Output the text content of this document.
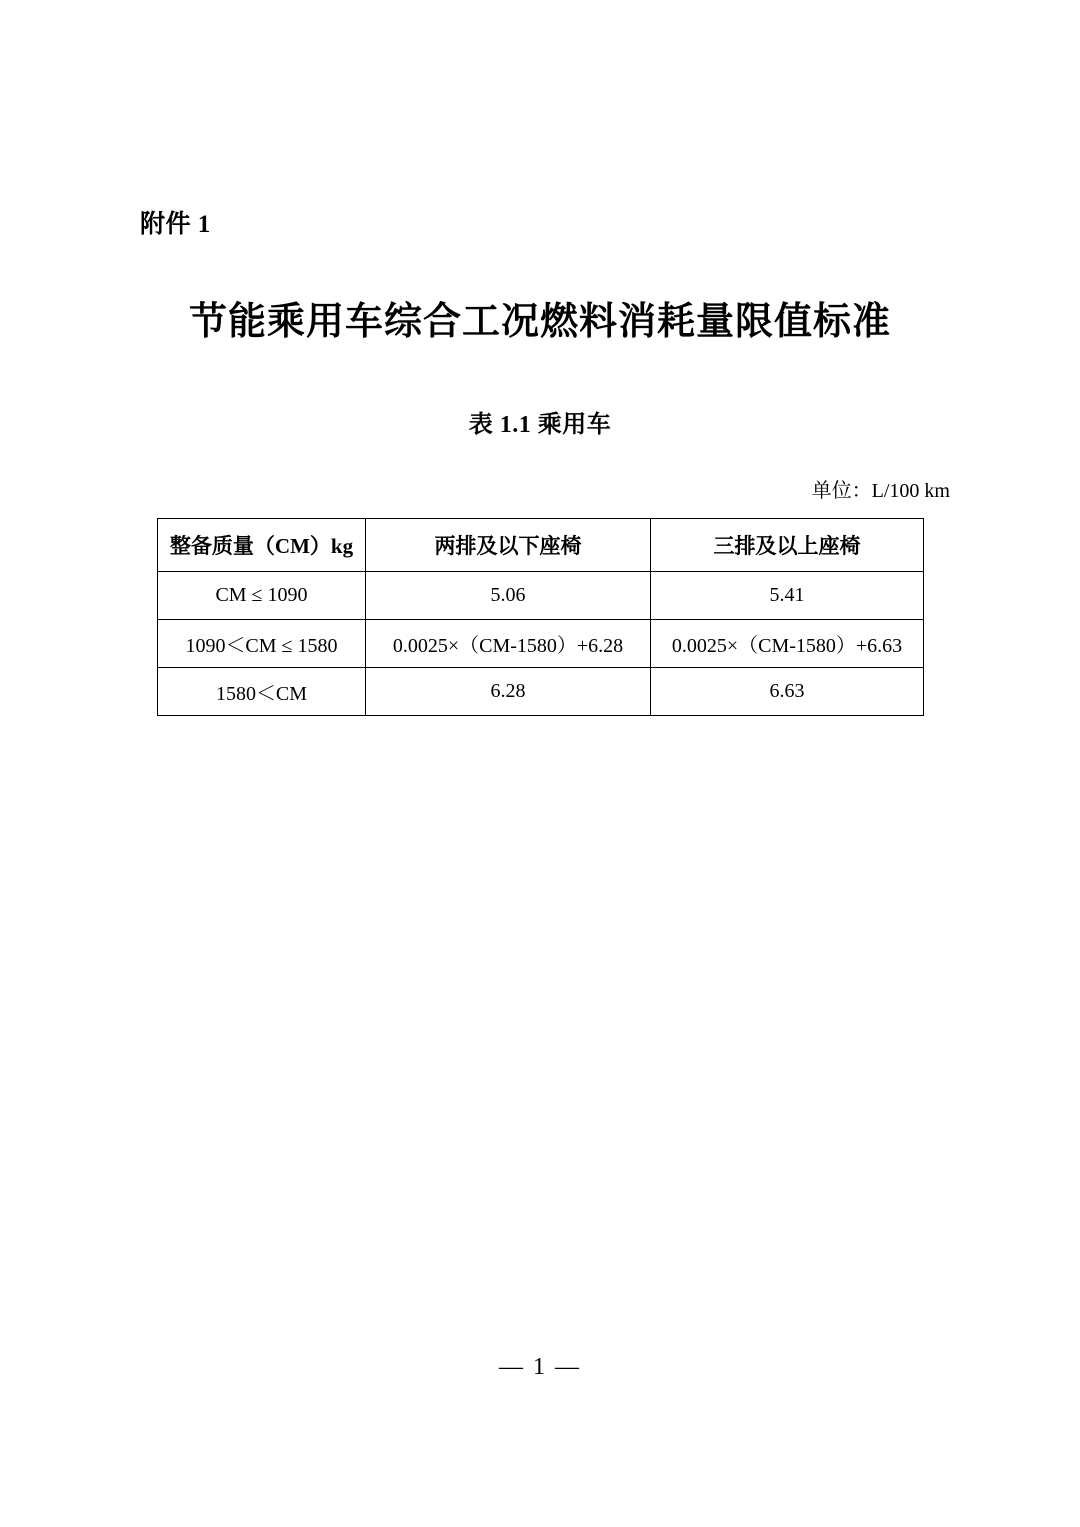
附件 1
节能乘用车综合工况燃料消耗量限值标准
表 1.1 乘用车
单位：L/100 km
整备质量（CM）kg	两排及以下座椅	三排及以上座椅
CM ≤ 1090	5.06	5.41
1090＜CM ≤ 1580	0.0025×（CM-1580）+6.28	0.0025×（CM-1580）+6.63
1580＜CM	6.28	6.63
— 1 —
